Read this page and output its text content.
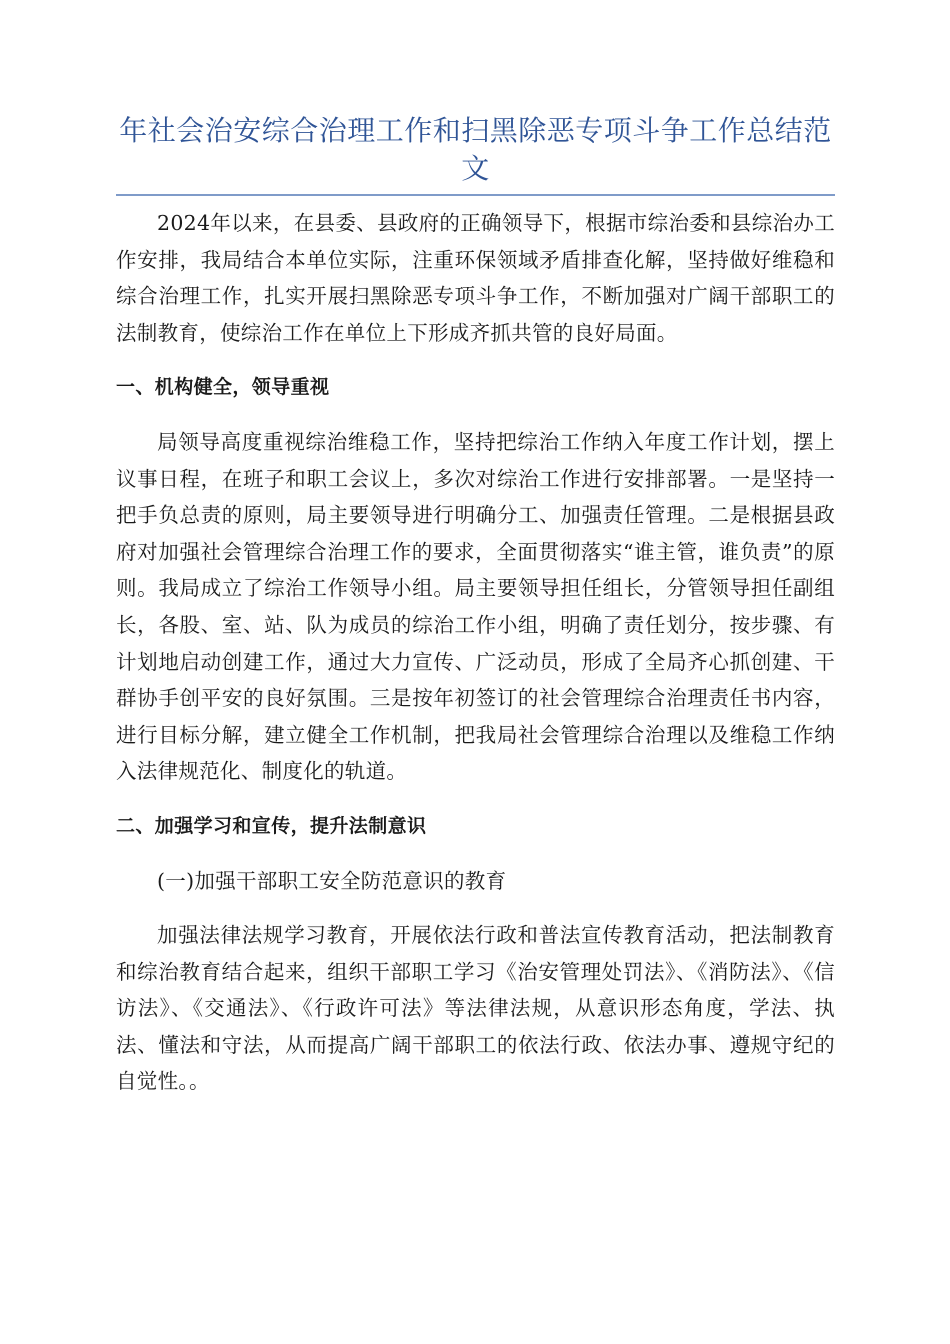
年社会治安综合治理工作和扫黑除恶专项斗争工作总结范文

2024年以来，在县委、县政府的正确领导下，根据市综治委和县综治办工作安排，我局结合本单位实际，注重环保领域矛盾排查化解，坚持做好维稳和综合治理工作，扎实开展扫黑除恶专项斗争工作，不断加强对广阔干部职工的法制教育，使综治工作在单位上下形成齐抓共管的良好局面。

一、机构健全，领导重视

局领导高度重视综治维稳工作，坚持把综治工作纳入年度工作计划，摆上议事日程，在班子和职工会议上，多次对综治工作进行安排部署。一是坚持一把手负总责的原则，局主要领导进行明确分工、加强责任管理。二是根据县政府对加强社会管理综合治理工作的要求，全面贯彻落实“谁主管，谁负责”的原则。我局成立了综治工作领导小组。局主要领导担任组长，分管领导担任副组长，各股、室、站、队为成员的综治工作小组，明确了责任划分，按步骤、有计划地启动创建工作，通过大力宣传、广泛动员，形成了全局齐心抓创建、干群协手创平安的良好氛围。三是按年初签订的社会管理综合治理责任书内容，进行目标分解，建立健全工作机制，把我局社会管理综合治理以及维稳工作纳入法律规范化、制度化的轨道。

二、加强学习和宣传，提升法制意识

(一)加强干部职工安全防范意识的教育

加强法律法规学习教育，开展依法行政和普法宣传教育活动，把法制教育和综治教育结合起来，组织干部职工学习《治安管理处罚法》、《消防法》、《信访法》、《交通法》、《行政许可法》等法律法规，从意识形态角度，学法、执法、懂法和守法，从而提高广阔干部职工的依法行政、依法办事、遵规守纪的自觉性。。
